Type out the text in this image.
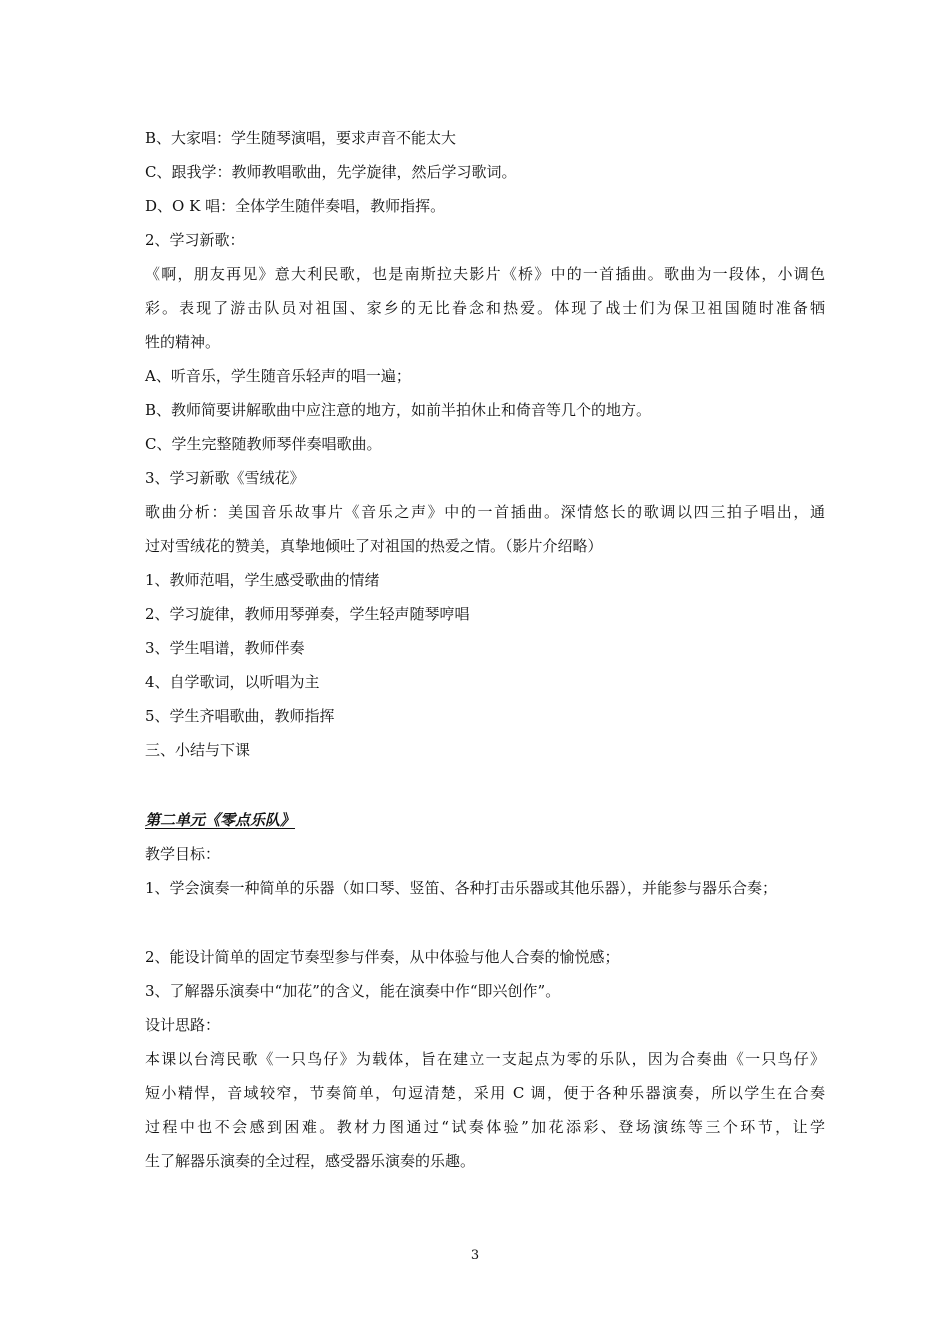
B、大家唱：学生随琴演唱，要求声音不能太大
C、跟我学：教师教唱歌曲，先学旋律，然后学习歌词。
D、O K 唱：全体学生随伴奏唱，教师指挥。
2、学习新歌：
《啊，朋友再见》意大利民歌，也是南斯拉夫影片《桥》中的一首插曲。歌曲为一段体，小调色
彩。表现了游击队员对祖国、家乡的无比眷念和热爱。体现了战士们为保卫祖国随时准备牺
牲的精神。
A、听音乐，学生随音乐轻声的唱一遍；
B、教师简要讲解歌曲中应注意的地方，如前半拍休止和倚音等几个的地方。
C、学生完整随教师琴伴奏唱歌曲。
3、学习新歌《雪绒花》
歌曲分析：美国音乐故事片《音乐之声》中的一首插曲。深情悠长的歌调以四三拍子唱出，通
过对雪绒花的赞美，真挚地倾吐了对祖国的热爱之情。（影片介绍略）
1、教师范唱，学生感受歌曲的情绪
2、学习旋律，教师用琴弹奏，学生轻声随琴哼唱
3、学生唱谱，教师伴奏
4、自学歌词，以听唱为主
5、学生齐唱歌曲，教师指挥
三、小结与下课
第二单元《零点乐队》
教学目标：
1、学会演奏一种简单的乐器（如口琴、竖笛、各种打击乐器或其他乐器），并能参与器乐合奏；
2、能设计简单的固定节奏型参与伴奏，从中体验与他人合奏的愉悦感；
3、了解器乐演奏中“加花”的含义，能在演奏中作“即兴创作”。
设计思路：
本课以台湾民歌《一只鸟仔》为载体，旨在建立一支起点为零的乐队，因为合奏曲《一只鸟仔》
短小精悍，音域较窄，节奏简单，句逗清楚，采用 C 调，便于各种乐器演奏，所以学生在合奏
过程中也不会感到困难。教材力图通过“试奏体验”加花添彩、登场演练等三个环节，让学
生了解器乐演奏的全过程，感受器乐演奏的乐趣。
3
